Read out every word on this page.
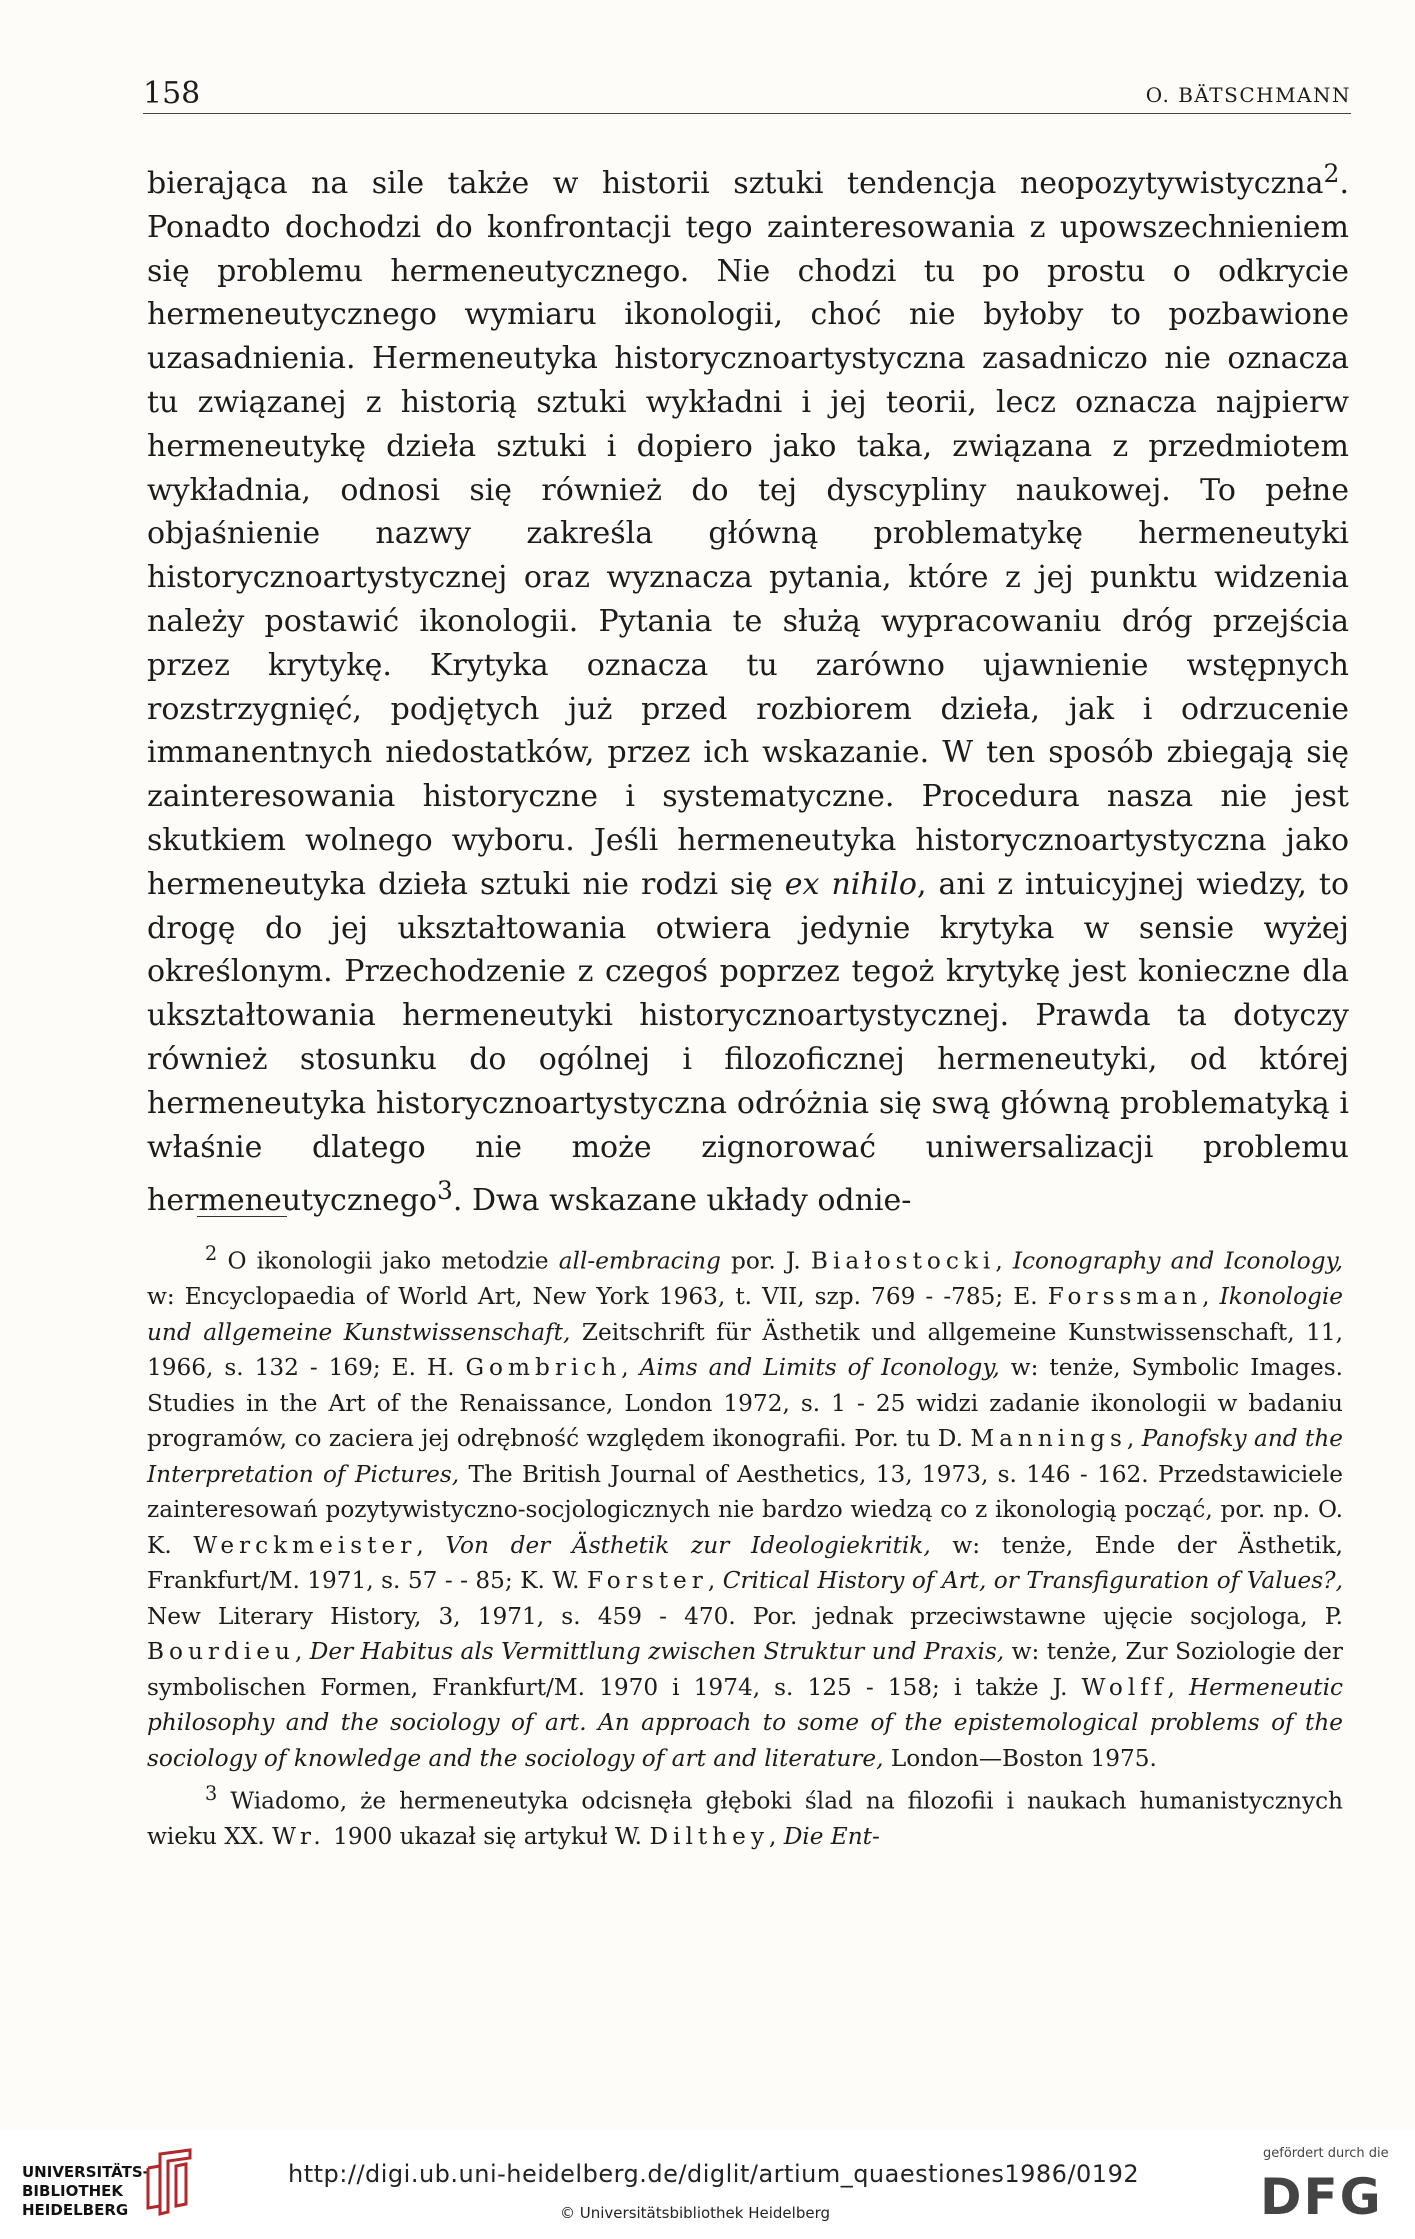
158	O. BÄTSCHMANN

bierająca na sile także w historii sztuki tendencja neopozytywistyczna$^2$. Ponadto dochodzi do konfrontacji tego zainteresowania z upowszechnieniem się problemu hermeneutycznego. Nie chodzi tu po prostu o odkrycie hermeneutycznego wymiaru ikonologii, choć nie byłoby to pozbawione uzasadnienia. Hermeneutyka historycznoartystyczna zasadniczo nie oznacza tu związanej z historią sztuki wykładni i jej teorii, lecz oznacza najpierw hermeneutykę dzieła sztuki i dopiero jako taka, związana z przedmiotem wykładnia, odnosi się również do tej dyscypliny naukowej. To pełne objaśnienie nazwy zakreśla główną problematykę hermeneutyki historycznoartystycznej oraz wyznacza pytania, które z jej punktu widzenia należy postawić ikonologii. Pytania te służą wypracowaniu dróg przejścia przez krytykę. Krytyka oznacza tu zarówno ujawnienie wstępnych rozstrzygnięć, podjętych już przed rozbiorem dzieła, jak i odrzucenie immanentnych niedostatków, przez ich wskazanie. W ten sposób zbiegają się zainteresowania historyczne i systematyczne. Procedura nasza nie jest skutkiem wolnego wyboru. Jeśli hermeneutyka historycznoartystyczna jako hermeneutyka dzieła sztuki nie rodzi się ex nihilo, ani z intuicyjnej wiedzy, to drogę do jej ukształtowania otwiera jedynie krytyka w sensie wyżej określonym. Przechodzenie z czegoś poprzez tegoż krytykę jest konieczne dla ukształtowania hermeneutyki historycznoartystycznej. Prawda ta dotyczy również stosunku do ogólnej i filozoficznej hermeneutyki, od której hermeneutyka historycznoartystyczna odróżnia się swą główną problematyką i właśnie dlatego nie może zignorować uniwersalizacji problemu hermeneutycznego$^3$. Dwa wskazane układy odnie-

$^2$ O ikonologii jako metodzie all-embracing por. J. Białostocki, Iconography and Iconology, w: Encyclopaedia of World Art, New York 1963, t. VII, szp. 769 - -785; E. Forssman, Ikonologie und allgemeine Kunstwissenschaft, Zeitschrift für Ästhetik und allgemeine Kunstwissenschaft, 11, 1966, s. 132 - 169; E. H. Gombrich, Aims and Limits of Iconology, w: tenże, Symbolic Images. Studies in the Art of the Renaissance, London 1972, s. 1 - 25 widzi zadanie ikonologii w badaniu programów, co zaciera jej odrębność względem ikonografii. Por. tu D. Mannings, Panofsky and the Interpretation of Pictures, The British Journal of Aesthetics, 13, 1973, s. 146 - 162. Przedstawiciele zainteresowań pozytywistyczno-socjologicznych nie bardzo wiedzą co z ikonologią począć, por. np. O. K. Werckmeister, Von der Ästhetik zur Ideologiekritik, w: tenże, Ende der Ästhetik, Frankfurt/M. 1971, s. 57 - - 85; K. W. Forster, Critical History of Art, or Transfiguration of Values?, New Literary History, 3, 1971, s. 459 - 470. Por. jednak przeciwstawne ujęcie socjologa, P. Bourdieu, Der Habitus als Vermittlung zwischen Struktur und Praxis, w: tenże, Zur Soziologie der symbolischen Formen, Frankfurt/M. 1970 i 1974, s. 125 - 158; i także J. Wolff, Hermeneutic philosophy and the sociology of art. An approach to some of the epistemological problems of the sociology of knowledge and the sociology of art and literature, London—Boston 1975.

$^3$ Wiadomo, że hermeneutyka odcisnęła głęboki ślad na filozofii i naukach humanistycznych wieku XX. Wr. 1900 ukazał się artykuł W. Dilthey, Die Ent-

UNIVERSITÄTS-
BIBLIOTHEK
HEIDELBERG
http://digi.ub.uni-heidelberg.de/diglit/artium_quaestiones1986/0192
© Universitätsbibliothek Heidelberg
gefördert durch die
DFG
